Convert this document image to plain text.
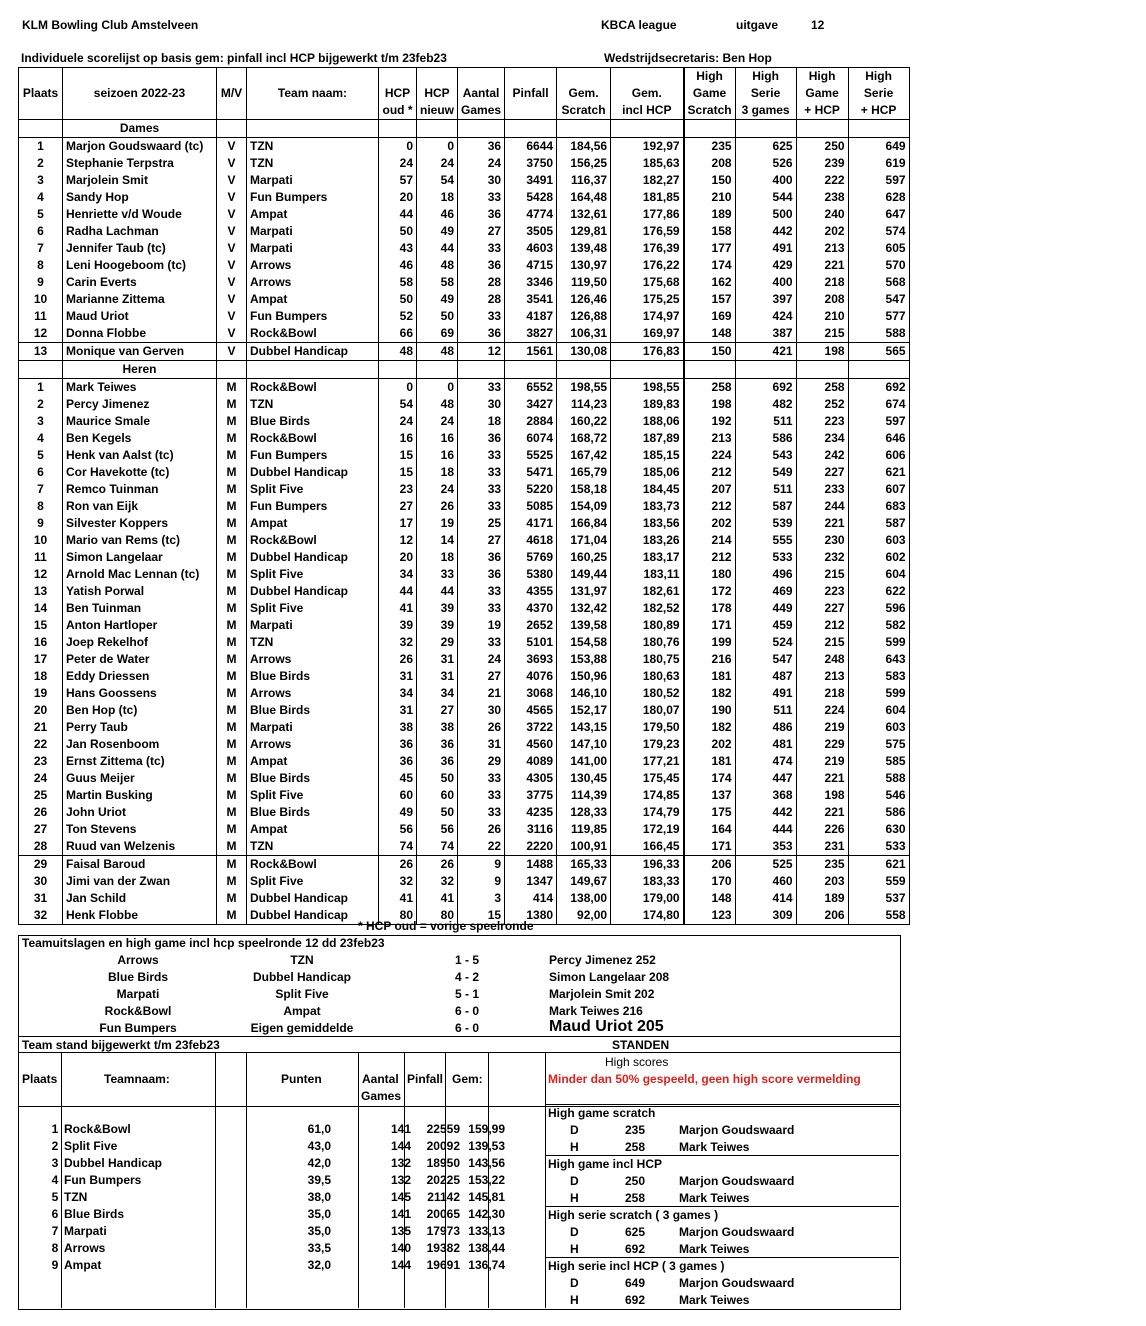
KLM Bowling Club Amstelveen	KBCA league	uitgave	12
Individuele scorelijst op basis gem: pinfall incl HCP bijgewerkt t/m 23feb23	Wedstrijdsecretaris: Ben Hop
										High	High	High	High
Plaats	seizoen 2022-23	M/V	Team naam:	HCP	HCP	Aantal	Pinfall	Gem.	Gem.	Game	Serie	Game	Serie
				oud *	nieuw	Games		Scratch	incl HCP	Scratch	3 games	+ HCP	+ HCP
	Dames												
1	Marjon Goudswaard (tc)	V	TZN	0	0	36	6644	184,56	192,97	235	625	250	649
2	Stephanie Terpstra	V	TZN	24	24	24	3750	156,25	185,63	208	526	239	619
3	Marjolein Smit	V	Marpati	57	54	30	3491	116,37	182,27	150	400	222	597
4	Sandy Hop	V	Fun Bumpers	20	18	33	5428	164,48	181,85	210	544	238	628
5	Henriette v/d Woude	V	Ampat	44	46	36	4774	132,61	177,86	189	500	240	647
6	Radha Lachman	V	Marpati	50	49	27	3505	129,81	176,59	158	442	202	574
7	Jennifer Taub (tc)	V	Marpati	43	44	33	4603	139,48	176,39	177	491	213	605
8	Leni Hoogeboom (tc)	V	Arrows	46	48	36	4715	130,97	176,22	174	429	221	570
9	Carin Everts	V	Arrows	58	58	28	3346	119,50	175,68	162	400	218	568
10	Marianne Zittema	V	Ampat	50	49	28	3541	126,46	175,25	157	397	208	547
11	Maud Uriot	V	Fun Bumpers	52	50	33	4187	126,88	174,97	169	424	210	577
12	Donna Flobbe	V	Rock&Bowl	66	69	36	3827	106,31	169,97	148	387	215	588
13	Monique van Gerven	V	Dubbel Handicap	48	48	12	1561	130,08	176,83	150	421	198	565
	Heren												
1	Mark Teiwes	M	Rock&Bowl	0	0	33	6552	198,55	198,55	258	692	258	692
2	Percy Jimenez	M	TZN	54	48	30	3427	114,23	189,83	198	482	252	674
3	Maurice Smale	M	Blue Birds	24	24	18	2884	160,22	188,06	192	511	223	597
4	Ben Kegels	M	Rock&Bowl	16	16	36	6074	168,72	187,89	213	586	234	646
5	Henk van Aalst (tc)	M	Fun Bumpers	15	16	33	5525	167,42	185,15	224	543	242	606
6	Cor Havekotte (tc)	M	Dubbel Handicap	15	18	33	5471	165,79	185,06	212	549	227	621
7	Remco Tuinman	M	Split Five	23	24	33	5220	158,18	184,45	207	511	233	607
8	Ron van Eijk	M	Fun Bumpers	27	26	33	5085	154,09	183,73	212	587	244	683
9	Silvester Koppers	M	Ampat	17	19	25	4171	166,84	183,56	202	539	221	587
10	Mario van Rems (tc)	M	Rock&Bowl	12	14	27	4618	171,04	183,26	214	555	230	603
11	Simon Langelaar	M	Dubbel Handicap	20	18	36	5769	160,25	183,17	212	533	232	602
12	Arnold Mac Lennan (tc)	M	Split Five	34	33	36	5380	149,44	183,11	180	496	215	604
13	Yatish Porwal	M	Dubbel Handicap	44	44	33	4355	131,97	182,61	172	469	223	622
14	Ben Tuinman	M	Split Five	41	39	33	4370	132,42	182,52	178	449	227	596
15	Anton Hartloper	M	Marpati	39	39	19	2652	139,58	180,89	171	459	212	582
16	Joep Rekelhof	M	TZN	32	29	33	5101	154,58	180,76	199	524	215	599
17	Peter de Water	M	Arrows	26	31	24	3693	153,88	180,75	216	547	248	643
18	Eddy Driessen	M	Blue Birds	31	31	27	4076	150,96	180,63	181	487	213	583
19	Hans Goossens	M	Arrows	34	34	21	3068	146,10	180,52	182	491	218	599
20	Ben Hop (tc)	M	Blue Birds	31	27	30	4565	152,17	180,07	190	511	224	604
21	Perry Taub	M	Marpati	38	38	26	3722	143,15	179,50	182	486	219	603
22	Jan Rosenboom	M	Arrows	36	36	31	4560	147,10	179,23	202	481	229	575
23	Ernst Zittema (tc)	M	Ampat	36	36	29	4089	141,00	177,21	181	474	219	585
24	Guus Meijer	M	Blue Birds	45	50	33	4305	130,45	175,45	174	447	221	588
25	Martin Busking	M	Split Five	60	60	33	3775	114,39	174,85	137	368	198	546
26	John Uriot	M	Blue Birds	49	50	33	4235	128,33	174,79	175	442	221	586
27	Ton Stevens	M	Ampat	56	56	26	3116	119,85	172,19	164	444	226	630
28	Ruud van Welzenis	M	TZN	74	74	22	2220	100,91	166,45	171	353	231	533
29	Faisal Baroud	M	Rock&Bowl	26	26	9	1488	165,33	196,33	206	525	235	621
30	Jimi van der Zwan	M	Split Five	32	32	9	1347	149,67	183,33	170	460	203	559
31	Jan Schild	M	Dubbel Handicap	41	41	3	414	138,00	179,00	148	414	189	537
32	Henk Flobbe	M	Dubbel Handicap	80	80	15	1380	92,00	174,80	123	309	206	558
* HCP oud = vorige speelronde
Teamuitslagen en high game incl hcp speelronde 12 dd 23feb23
Arrows	TZN	1 - 5	Percy Jimenez 252
Blue Birds	Dubbel Handicap	4 - 2	Simon Langelaar 208
Marpati	Split Five	5 - 1	Marjolein Smit 202
Rock&Bowl	Ampat	6 - 0	Mark Teiwes 216
Fun Bumpers	Eigen gemiddelde	6 - 0	Maud Uriot 205
Team stand bijgewerkt t/m 23feb23	STANDEN
High scores
Minder dan 50% gespeeld, geen high score vermelding
Plaats	Teamnaam:	Punten	Aantal
Games
Pinfall Gem:
1 Rock&Bowl	61,0	141	22559 159,99
2 Split Five	43,0	144	20092 139,53
3 Dubbel Handicap	42,0	132	18950 143,56
4 Fun Bumpers	39,5	132	20225 153,22
5 TZN	38,0	145	21142 145,81
6 Blue Birds	35,0	141	20065 142,30
7 Marpati	35,0	135	17973 133,13
8 Arrows	33,5	140	19382 138,44
9 Ampat	32,0	144	19691 136,74
High game scratch
D	235	Marjon Goudswaard
H	258	Mark Teiwes
High game incl HCP
D	250	Marjon Goudswaard
H	258	Mark Teiwes
High serie scratch ( 3 games )
D	625	Marjon Goudswaard
H	692	Mark Teiwes
High serie incl HCP ( 3 games )
D	649	Marjon Goudswaard
H	692	Mark Teiwes
